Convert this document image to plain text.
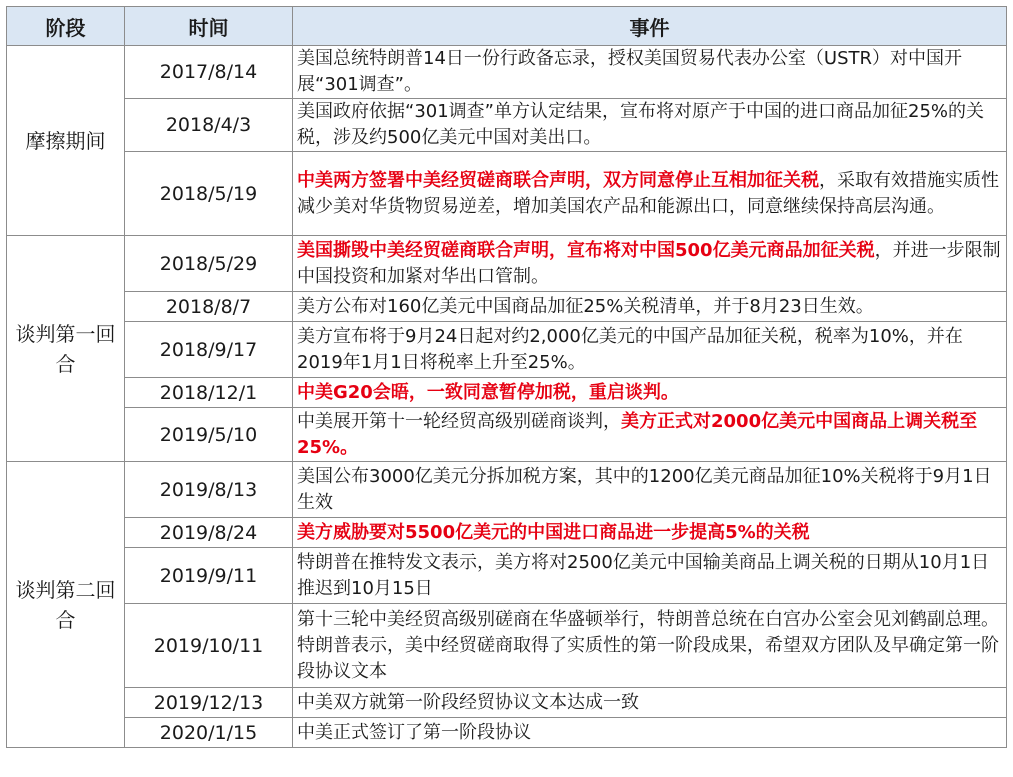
阶段	时间	事件
摩擦期间	2017/8/14	美国总统特朗普14日一份行政备忘录，授权美国贸易代表办公室（USTR）对中国开展“301调查”。
	2018/4/3	美国政府依据“301调查”单方认定结果，宣布将对原产于中国的进口商品加征25%的关税，涉及约500亿美元中国对美出口。
	2018/5/19	中美两方签署中美经贸磋商联合声明，双方同意停止互相加征关税，采取有效措施实质性减少美对华货物贸易逆差，增加美国农产品和能源出口，同意继续保持高层沟通。
谈判第一回合	2018/5/29	美国撕毁中美经贸磋商联合声明，宣布将对中国500亿美元商品加征关税，并进一步限制中国投资和加紧对华出口管制。
	2018/8/7	美方公布对160亿美元中国商品加征25%关税清单，并于8月23日生效。
	2018/9/17	美方宣布将于9月24日起对约2,000亿美元的中国产品加征关税，税率为10%，并在2019年1月1日将税率上升至25%。
	2018/12/1	中美G20会晤，一致同意暂停加税，重启谈判。
	2019/5/10	中美展开第十一轮经贸高级别磋商谈判，美方正式对2000亿美元中国商品上调关税至25%。
谈判第二回合	2019/8/13	美国公布3000亿美元分拆加税方案，其中的1200亿美元商品加征10%关税将于9月1日生效
	2019/8/24	美方威胁要对5500亿美元的中国进口商品进一步提高5%的关税
	2019/9/11	特朗普在推特发文表示，美方将对2500亿美元中国输美商品上调关税的日期从10月1日推迟到10月15日
	2019/10/11	第十三轮中美经贸高级别磋商在华盛顿举行，特朗普总统在白宫办公室会见刘鹤副总理。特朗普表示，美中经贸磋商取得了实质性的第一阶段成果，希望双方团队及早确定第一阶段协议文本
	2019/12/13	中美双方就第一阶段经贸协议文本达成一致
	2020/1/15	中美正式签订了第一阶段协议
